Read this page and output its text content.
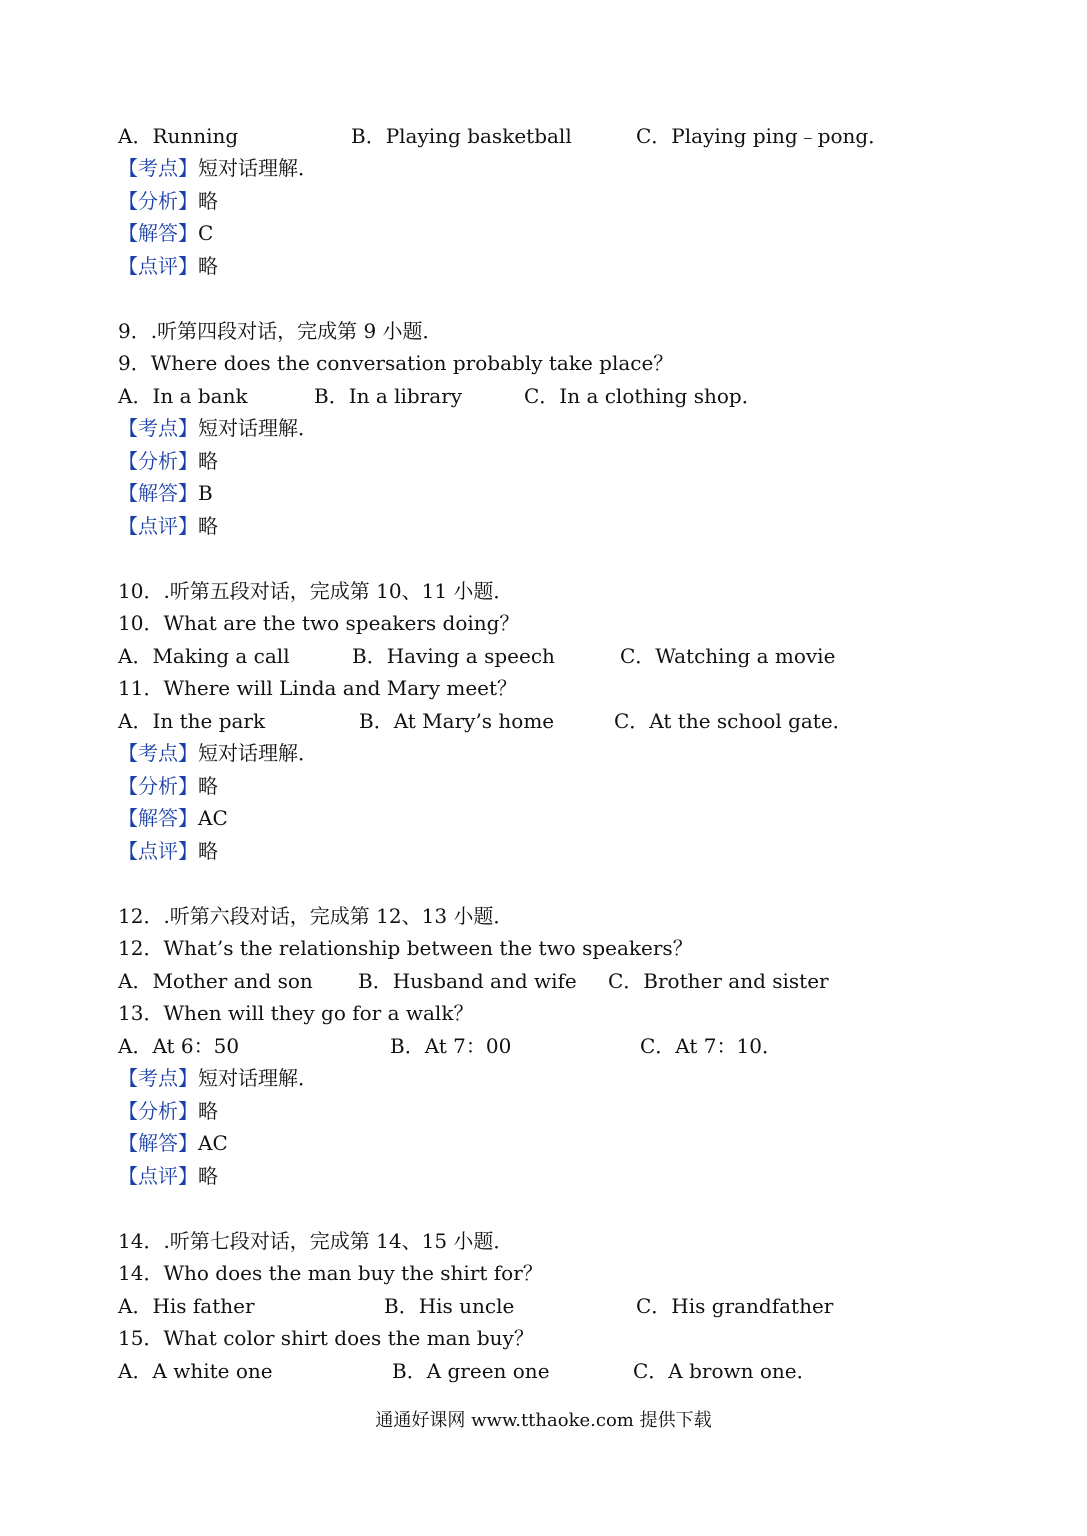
A．Running	B．Playing basketball	C．Playing ping﹣pong．
【考点】短对话理解．
【分析】略
【解答】C
【点评】略
9．.听第四段对话，完成第 9 小题．
9．Where does the conversation probably take place？
A．In a bank	B．In a library	C．In a clothing shop．
【考点】短对话理解．
【分析】略
【解答】B
【点评】略
10．.听第五段对话，完成第 10、11 小题．
10．What are the two speakers doing？
A．Making a call	B．Having a speech	C．Watching a movie
11．Where will Linda and Mary meet？
A．In the park	B．At Mary’s home	C．At the school gate．
【考点】短对话理解．
【分析】略
【解答】AC
【点评】略
12．.听第六段对话，完成第 12、13 小题．
12．What’s the relationship between the two speakers？
A．Mother and son B．Husband and wife C．Brother and sister
13．When will they go for a walk？
A．At 6：50	B．At 7：00	C．At 7：10．
【考点】短对话理解．
【分析】略
【解答】AC
【点评】略
14．.听第七段对话，完成第 14、15 小题．
14．Who does the man buy the shirt for？
A．His father	B．His uncle	C．His grandfather
15．What color shirt does the man buy？
A．A white one	B．A green one	C．A brown one．
通通好课网 www.tthaoke.com 提供下载
